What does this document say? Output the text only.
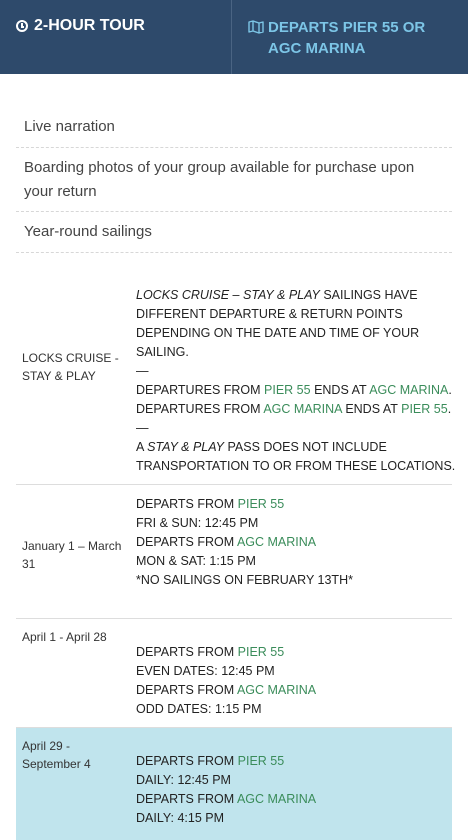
2-HOUR TOUR	DEPARTS PIER 55 OR AGC MARINA
Live narration
Boarding photos of your group available for purchase upon your return
Year-round sailings
LOCKS CRUISE - STAY & PLAY
LOCKS CRUISE – STAY & PLAY SAILINGS HAVE DIFFERENT DEPARTURE & RETURN POINTS DEPENDING ON THE DATE AND TIME OF YOUR SAILING.
—
DEPARTURES FROM PIER 55 ENDS AT AGC MARINA.
DEPARTURES FROM AGC MARINA ENDS AT PIER 55.
—
A STAY & PLAY PASS DOES NOT INCLUDE TRANSPORTATION TO OR FROM THESE LOCATIONS.
January 1 – March 31
DEPARTS FROM PIER 55
FRI & SUN: 12:45 PM
DEPARTS FROM AGC MARINA
MON & SAT: 1:15 PM
*NO SAILINGS ON FEBRUARY 13TH*
April 1 - April 28
DEPARTS FROM PIER 55
EVEN DATES: 12:45 PM
DEPARTS FROM AGC MARINA
ODD DATES: 1:15 PM
April 29 - September 4	DEPARTS FROM PIER 55
DAILY: 12:45 PM
DEPARTS FROM AGC MARINA
DAILY: 4:15 PM
